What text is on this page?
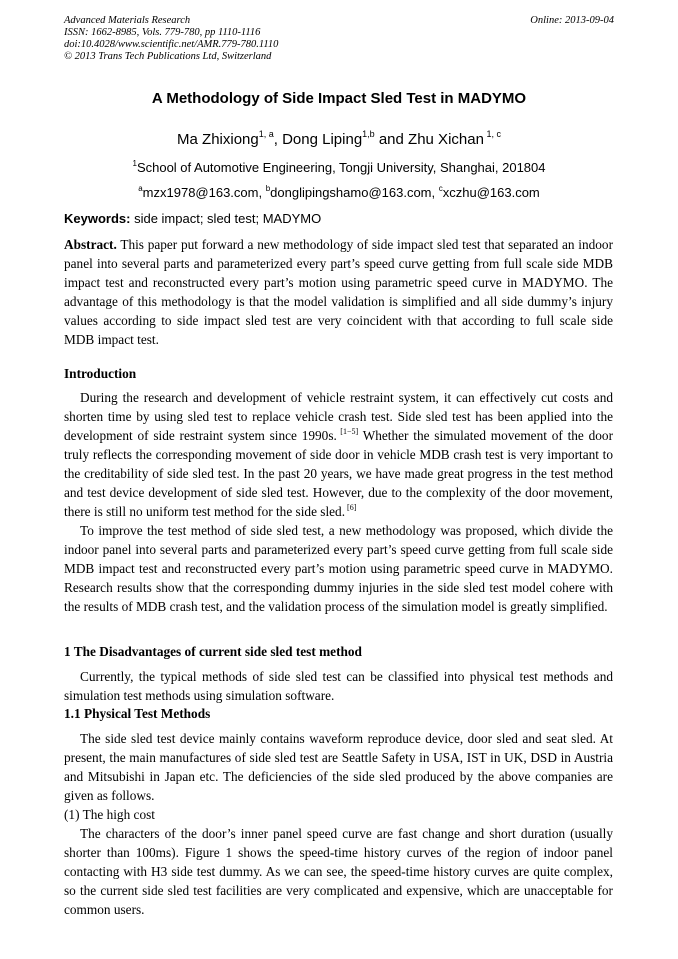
Advanced Materials Research
ISSN: 1662-8985, Vols. 779-780, pp 1110-1116
doi:10.4028/www.scientific.net/AMR.779-780.1110
© 2013 Trans Tech Publications Ltd, Switzerland
Online: 2013-09-04
A Methodology of Side Impact Sled Test in MADYMO
Ma Zhixiong$^{1, a}$, Dong Liping$^{1,b}$ and Zhu Xichan $^{1, c}$
$^1$School of Automotive Engineering, Tongji University, Shanghai, 201804
$^a$mzx1978@163.com, $^b$donglipingshamo@163.com, $^c$xczhu@163.com
Keywords: side impact; sled test; MADYMO

Abstract. This paper put forward a new methodology of side impact sled test that separated an indoor panel into several parts and parameterized every part’s speed curve getting from full scale side MDB impact test and reconstructed every part’s motion using parametric speed curve in MADYMO. The advantage of this methodology is that the model validation is simplified and all side dummy’s injury values according to side impact sled test are very coincident with that according to full scale side MDB impact test.

Introduction

During the research and development of vehicle restraint system, it can effectively cut costs and shorten time by using sled test to replace vehicle crash test. Side sled test has been applied into the development of side restraint system since 1990s. [1−5] Whether the simulated movement of the door truly reflects the corresponding movement of side door in vehicle MDB crash test is very important to the creditability of side sled test. In the past 20 years, we have made great progress in the test method and test device development of side sled test. However, due to the complexity of the door movement, there is still no uniform test method for the side sled. [6]

To improve the test method of side sled test, a new methodology was proposed, which divide the indoor panel into several parts and parameterized every part’s speed curve getting from full scale side MDB impact test and reconstructed every part’s motion using parametric speed curve in MADYMO. Research results show that the corresponding dummy injuries in the side sled test model cohere with the results of MDB crash test, and the validation process of the simulation model is greatly simplified.

1 The Disadvantages of current side sled test method

Currently, the typical methods of side sled test can be classified into physical test methods and simulation test methods using simulation software.

1.1 Physical Test Methods

The side sled test device mainly contains waveform reproduce device, door sled and seat sled. At present, the main manufactures of side sled test are Seattle Safety in USA, IST in UK, DSD in Austria and Mitsubishi in Japan etc. The deficiencies of the side sled produced by the above companies are given as follows.

(1) The high cost

The characters of the door’s inner panel speed curve are fast change and short duration (usually shorter than 100ms). Figure 1 shows the speed-time history curves of the region of indoor panel contacting with H3 side test dummy. As we can see, the speed-time history curves are quite complex, so the current side sled test facilities are very complicated and expensive, which are unacceptable for common users.
